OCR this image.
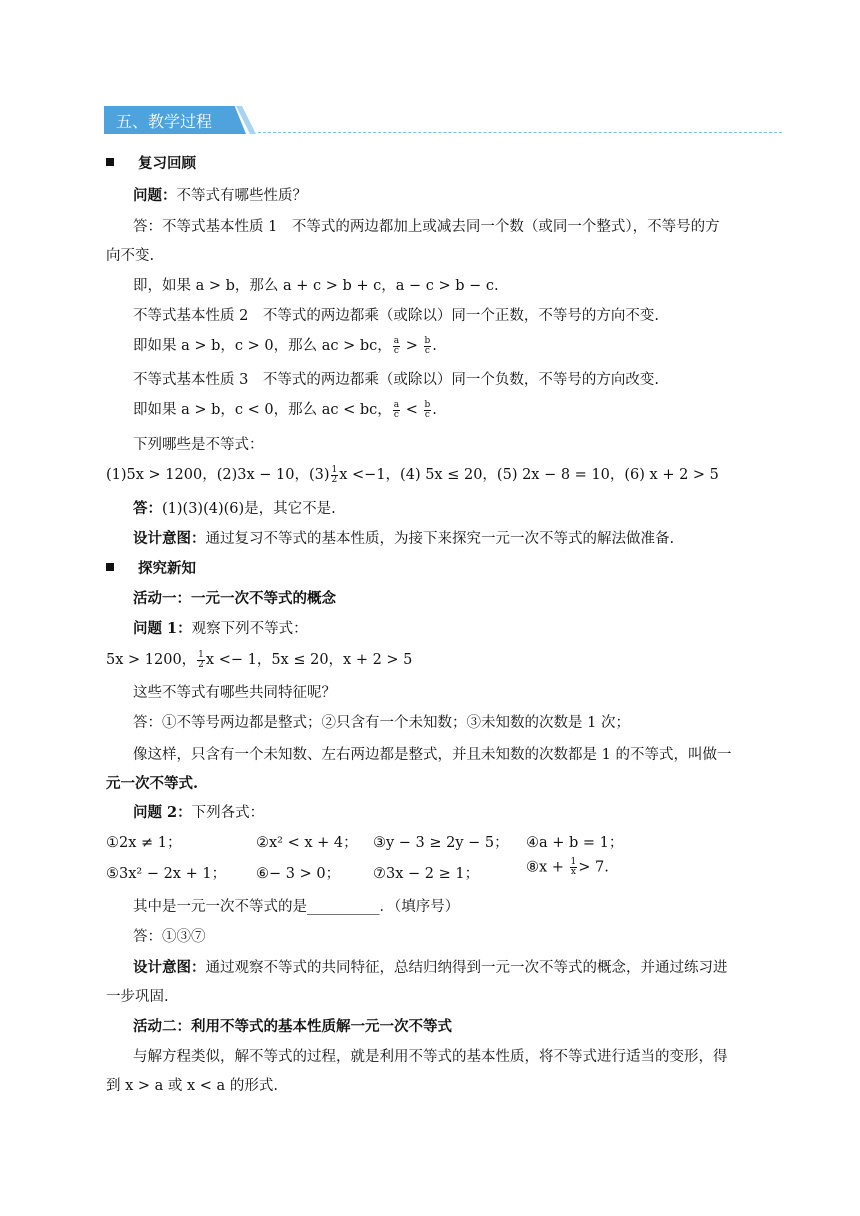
五、教学过程
复习回顾
问题：不等式有哪些性质？
答：不等式基本性质 1　不等式的两边都加上或减去同一个数（或同一个整式），不等号的方
向不变.
即，如果 a > b，那么 a + c > b + c，a − c > b − c.
不等式基本性质 2　不等式的两边都乘（或除以）同一个正数，不等号的方向不变.
即如果 a > b，c > 0，那么 ac > bc， $\frac{a}{c} > \frac{b}{c}$ .
不等式基本性质 3　不等式的两边都乘（或除以）同一个负数，不等号的方向改变.
即如果 a > b，c < 0，那么 ac < bc， $\frac{a}{c} < \frac{b}{c}$ .
下列哪些是不等式：
(1)5x > 1200，(2)3x − 10，$(3) \frac{1}{2}$ x <−1，(4) 5x ≤ 20，(5) 2x − 8 = 10，(6) x + 2 > 5
答：(1)(3)(4)(6)是，其它不是.
设计意图：通过复习不等式的基本性质，为接下来探究一元一次不等式的解法做准备.
探究新知
活动一：一元一次不等式的概念
问题 1：观察下列不等式：
5x > 1200， $\frac{1}{2}$ x <− 1，5x ≤ 20，x + 2 > 5
这些不等式有哪些共同特征呢？
答：①不等号两边都是整式；②只含有一个未知数；③未知数的次数是 1 次；
像这样，只含有一个未知数、左右两边都是整式，并且未知数的次数都是 1 的不等式，叫做一
元一次不等式.
问题 2：下列各式：
①2x ≠ 1；	②x² < x + 4； ③y − 3 ≥ 2y − 5； ④a + b = 1；
⑤3x² − 2x + 1； ⑥− 3 > 0； ⑦3x − 2 ≥ 1；	⑧x + $\frac{1}{x} > 7$.
其中是一元一次不等式的是__________．（填序号）
答：①③⑦
设计意图：通过观察不等式的共同特征，总结归纳得到一元一次不等式的概念，并通过练习进
一步巩固.
活动二：利用不等式的基本性质解一元一次不等式
与解方程类似，解不等式的过程，就是利用不等式的基本性质，将不等式进行适当的变形，得
到 x > a 或 x < a 的形式.
